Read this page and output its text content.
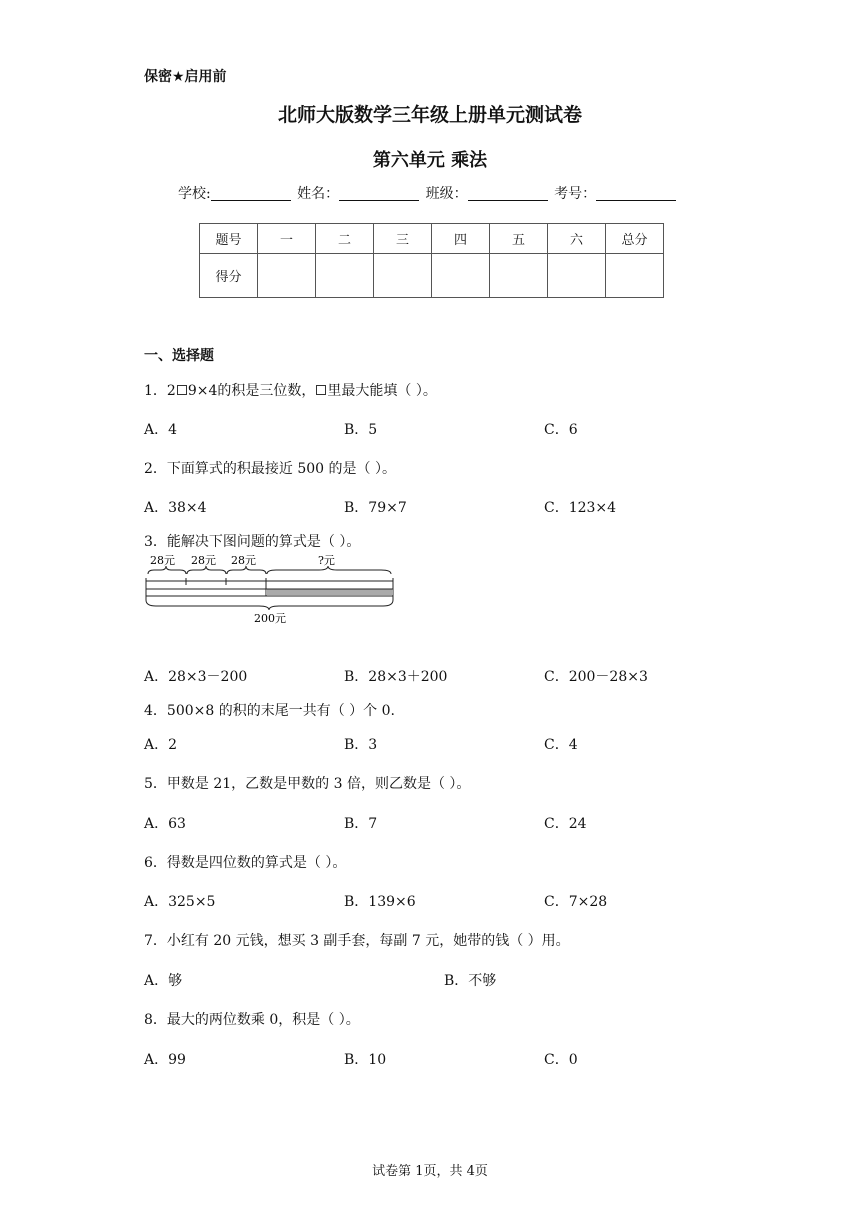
保密★启用前
北师大版数学三年级上册单元测试卷
第六单元 乘法
学校:	姓名：	班级：	考号：
题号	一	二	三	四	五	六	总分
得分							
一、选择题
1．2 9×4的积是三位数， 里最大能填（ ）。
A．4	B．5	C．6
2．下面算式的积最接近 500 的是（ ）。
A．38×4	B．79×7	C．123×4
3．能解决下图问题的算式是（ ）。
28元 28元 28元	?元
200元
A．28×3－200	B．28×3＋200	C．200－28×3
4．500×8 的积的末尾一共有（ ）个 0.
A．2	B．3	C．4
5．甲数是 21，乙数是甲数的 3 倍，则乙数是（ ）。
A．63	B．7	C．24
6．得数是四位数的算式是（ ）。
A．325×5	B．139×6	C．7×28
7．小红有 20 元钱，想买 3 副手套，每副 7 元，她带的钱（ ）用。
A．够	B．不够
8．最大的两位数乘 0，积是（ ）。
A．99	B．10	C．0
试卷第 1页，共 4页
